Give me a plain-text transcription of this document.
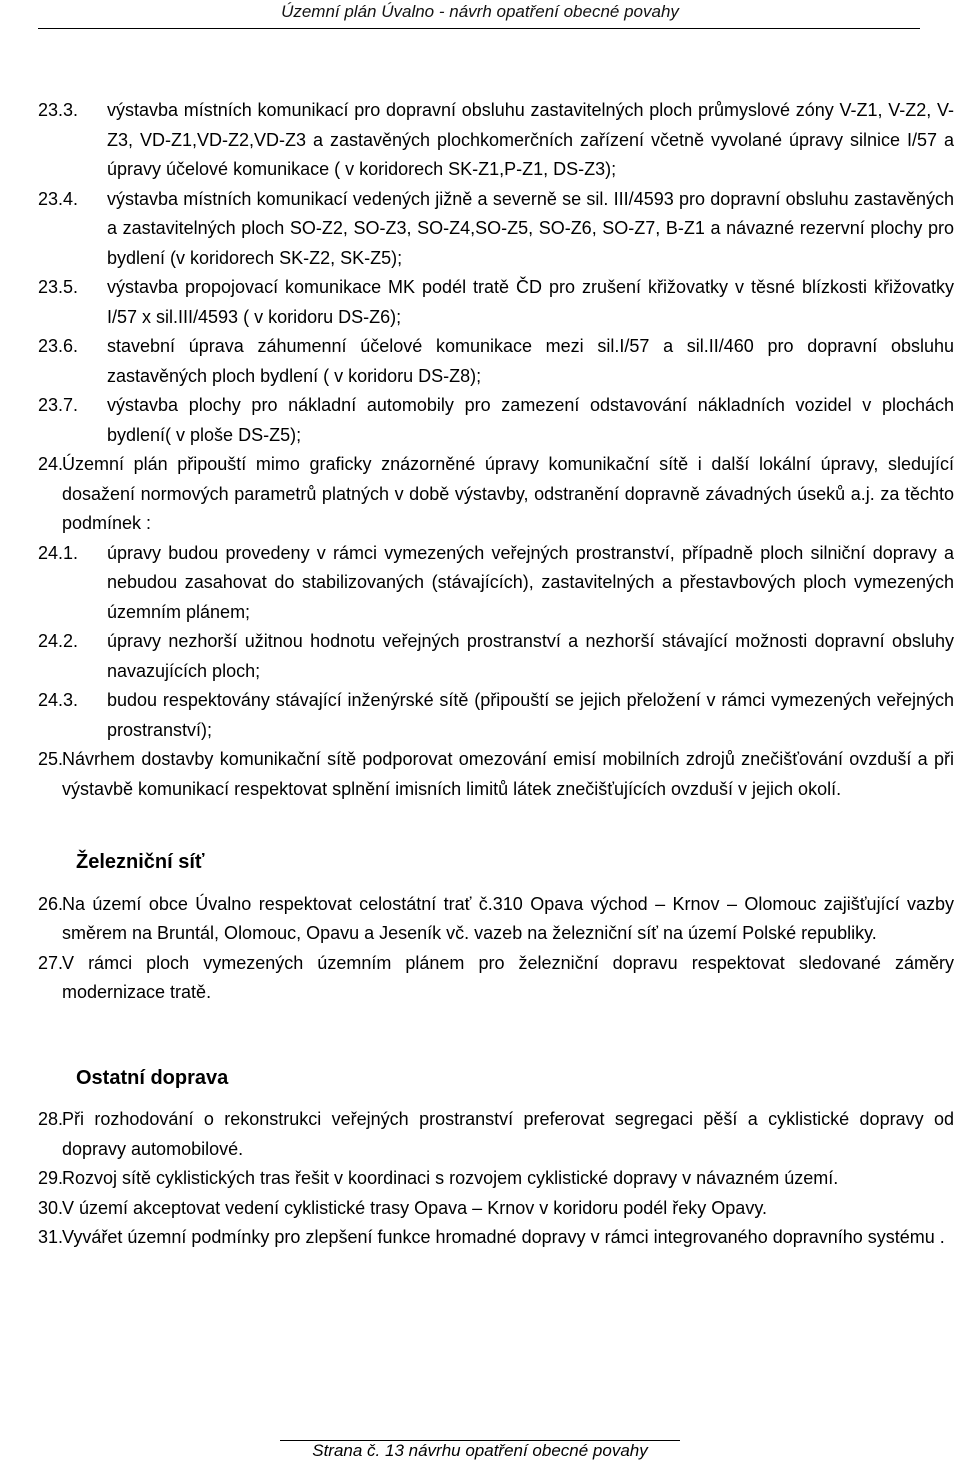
Územní plán Úvalno - návrh opatření obecné povahy
23.3. výstavba místních komunikací pro dopravní obsluhu zastavitelných ploch průmyslové zóny V-Z1, V-Z2, V-Z3, VD-Z1,VD-Z2,VD-Z3 a zastavěných plochkomerčních zařízení včetně vyvolané úpravy silnice I/57 a úpravy účelové komunikace ( v koridorech SK-Z1,P-Z1, DS-Z3);
23.4. výstavba místních komunikací vedených jižně a severně se sil. III/4593 pro dopravní obsluhu zastavěných a zastavitelných ploch SO-Z2, SO-Z3, SO-Z4,SO-Z5, SO-Z6, SO-Z7, B-Z1 a návazné rezervní plochy pro bydlení (v koridorech SK-Z2, SK-Z5);
23.5. výstavba propojovací komunikace MK podél tratě ČD pro zrušení křižovatky v těsné blízkosti křižovatky I/57 x sil.III/4593 ( v koridoru DS-Z6);
23.6. stavební úprava záhumenní účelové komunikace mezi sil.I/57 a sil.II/460 pro dopravní obsluhu zastavěných ploch bydlení ( v koridoru DS-Z8);
23.7. výstavba plochy pro nákladní automobily pro zamezení odstavování nákladních vozidel v plochách bydlení( v ploše DS-Z5);
24.
Územní plán připouští mimo graficky znázorněné úpravy komunikační sítě i další lokální úpravy, sledující dosažení normových parametrů platných v době výstavby, odstranění dopravně závadných úseků a.j. za těchto podmínek :
24.1. úpravy budou provedeny v rámci vymezených veřejných prostranství, případně ploch silniční dopravy a nebudou zasahovat do stabilizovaných (stávajících), zastavitelných a přestavbových ploch vymezených územním plánem;
24.2. úpravy nezhorší užitnou hodnotu veřejných prostranství a nezhorší stávající možnosti dopravní obsluhy navazujících ploch;
24.3. budou respektovány stávající inženýrské sítě (připouští se jejich přeložení v rámci vymezených veřejných prostranství);
25.
Návrhem dostavby komunikační sítě podporovat omezování emisí mobilních zdrojů znečišťování ovzduší a při výstavbě komunikací respektovat splnění imisních limitů látek znečišťujících ovzduší v jejich okolí.
Železniční síť
26.
Na území obce Úvalno respektovat celostátní trať č.310 Opava východ – Krnov – Olomouc zajišťující vazby směrem na Bruntál, Olomouc, Opavu a Jeseník vč. vazeb na železniční síť na území Polské republiky.
27.
V rámci ploch vymezených územním plánem pro železniční dopravu respektovat sledované záměry modernizace tratě.
Ostatní doprava
28.
Při rozhodování o rekonstrukci veřejných prostranství preferovat segregaci pěší a cyklistické dopravy od dopravy automobilové.
29.
Rozvoj sítě cyklistických tras řešit v koordinaci s rozvojem cyklistické dopravy v návazném území.
30.
V území akceptovat vedení cyklistické trasy Opava – Krnov v koridoru podél řeky Opavy.
31.
Vyvářet územní podmínky pro zlepšení funkce hromadné dopravy v rámci integrovaného dopravního systému .
Strana č. 13 návrhu opatření obecné povahy
